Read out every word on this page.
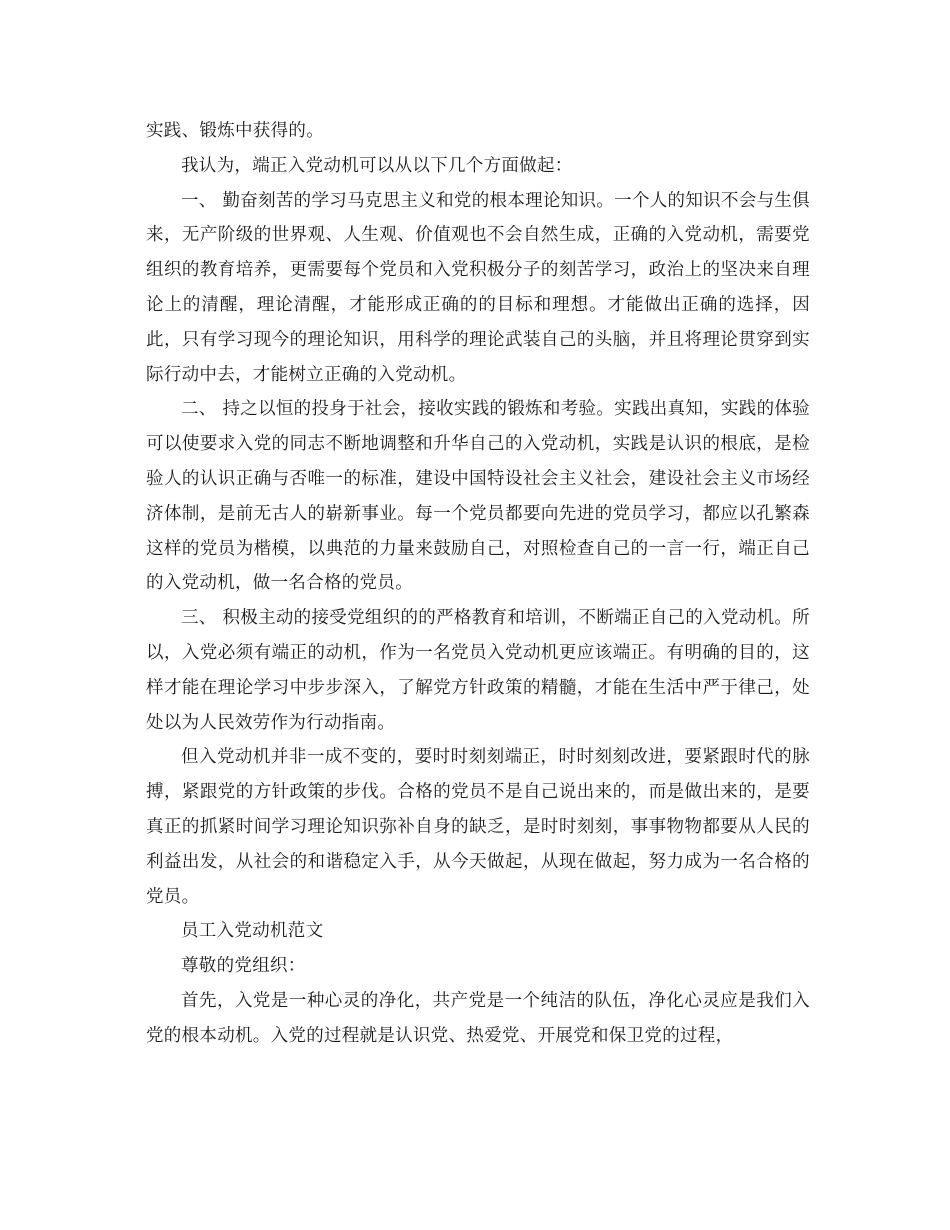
实践、锻炼中获得的。

我认为，端正入党动机可以从以下几个方面做起：

一、 勤奋刻苦的学习马克思主义和党的根本理论知识。一个人的知识不会与生俱来，无产阶级的世界观、人生观、价值观也不会自然生成，正确的入党动机，需要党组织的教育培养，更需要每个党员和入党积极分子的刻苦学习，政治上的坚决来自理论上的清醒，理论清醒，才能形成正确的的目标和理想。才能做出正确的选择，因此，只有学习现今的理论知识，用科学的理论武装自己的头脑，并且将理论贯穿到实际行动中去，才能树立正确的入党动机。

二、 持之以恒的投身于社会，接收实践的锻炼和考验。实践出真知，实践的体验可以使要求入党的同志不断地调整和升华自己的入党动机，实践是认识的根底，是检验人的认识正确与否唯一的标准，建设中国特设社会主义社会，建设社会主义市场经济体制，是前无古人的崭新事业。每一个党员都要向先进的党员学习，都应以孔繁森这样的党员为楷模，以典范的力量来鼓励自己，对照检查自己的一言一行，端正自己的入党动机，做一名合格的党员。

三、 积极主动的接受党组织的的严格教育和培训，不断端正自己的入党动机。所以，入党必须有端正的动机，作为一名党员入党动机更应该端正。有明确的目的，这样才能在理论学习中步步深入，了解党方针政策的精髓，才能在生活中严于律己，处处以为人民效劳作为行动指南。

但入党动机并非一成不变的，要时时刻刻端正，时时刻刻改进，要紧跟时代的脉搏，紧跟党的方针政策的步伐。合格的党员不是自己说出来的，而是做出来的，是要真正的抓紧时间学习理论知识弥补自身的缺乏，是时时刻刻，事事物物都要从人民的利益出发，从社会的和谐稳定入手，从今天做起，从现在做起，努力成为一名合格的党员。

员工入党动机范文

尊敬的党组织：

首先，入党是一种心灵的净化，共产党是一个纯洁的队伍，净化心灵应是我们入党的根本动机。入党的过程就是认识党、热爱党、开展党和保卫党的过程，
